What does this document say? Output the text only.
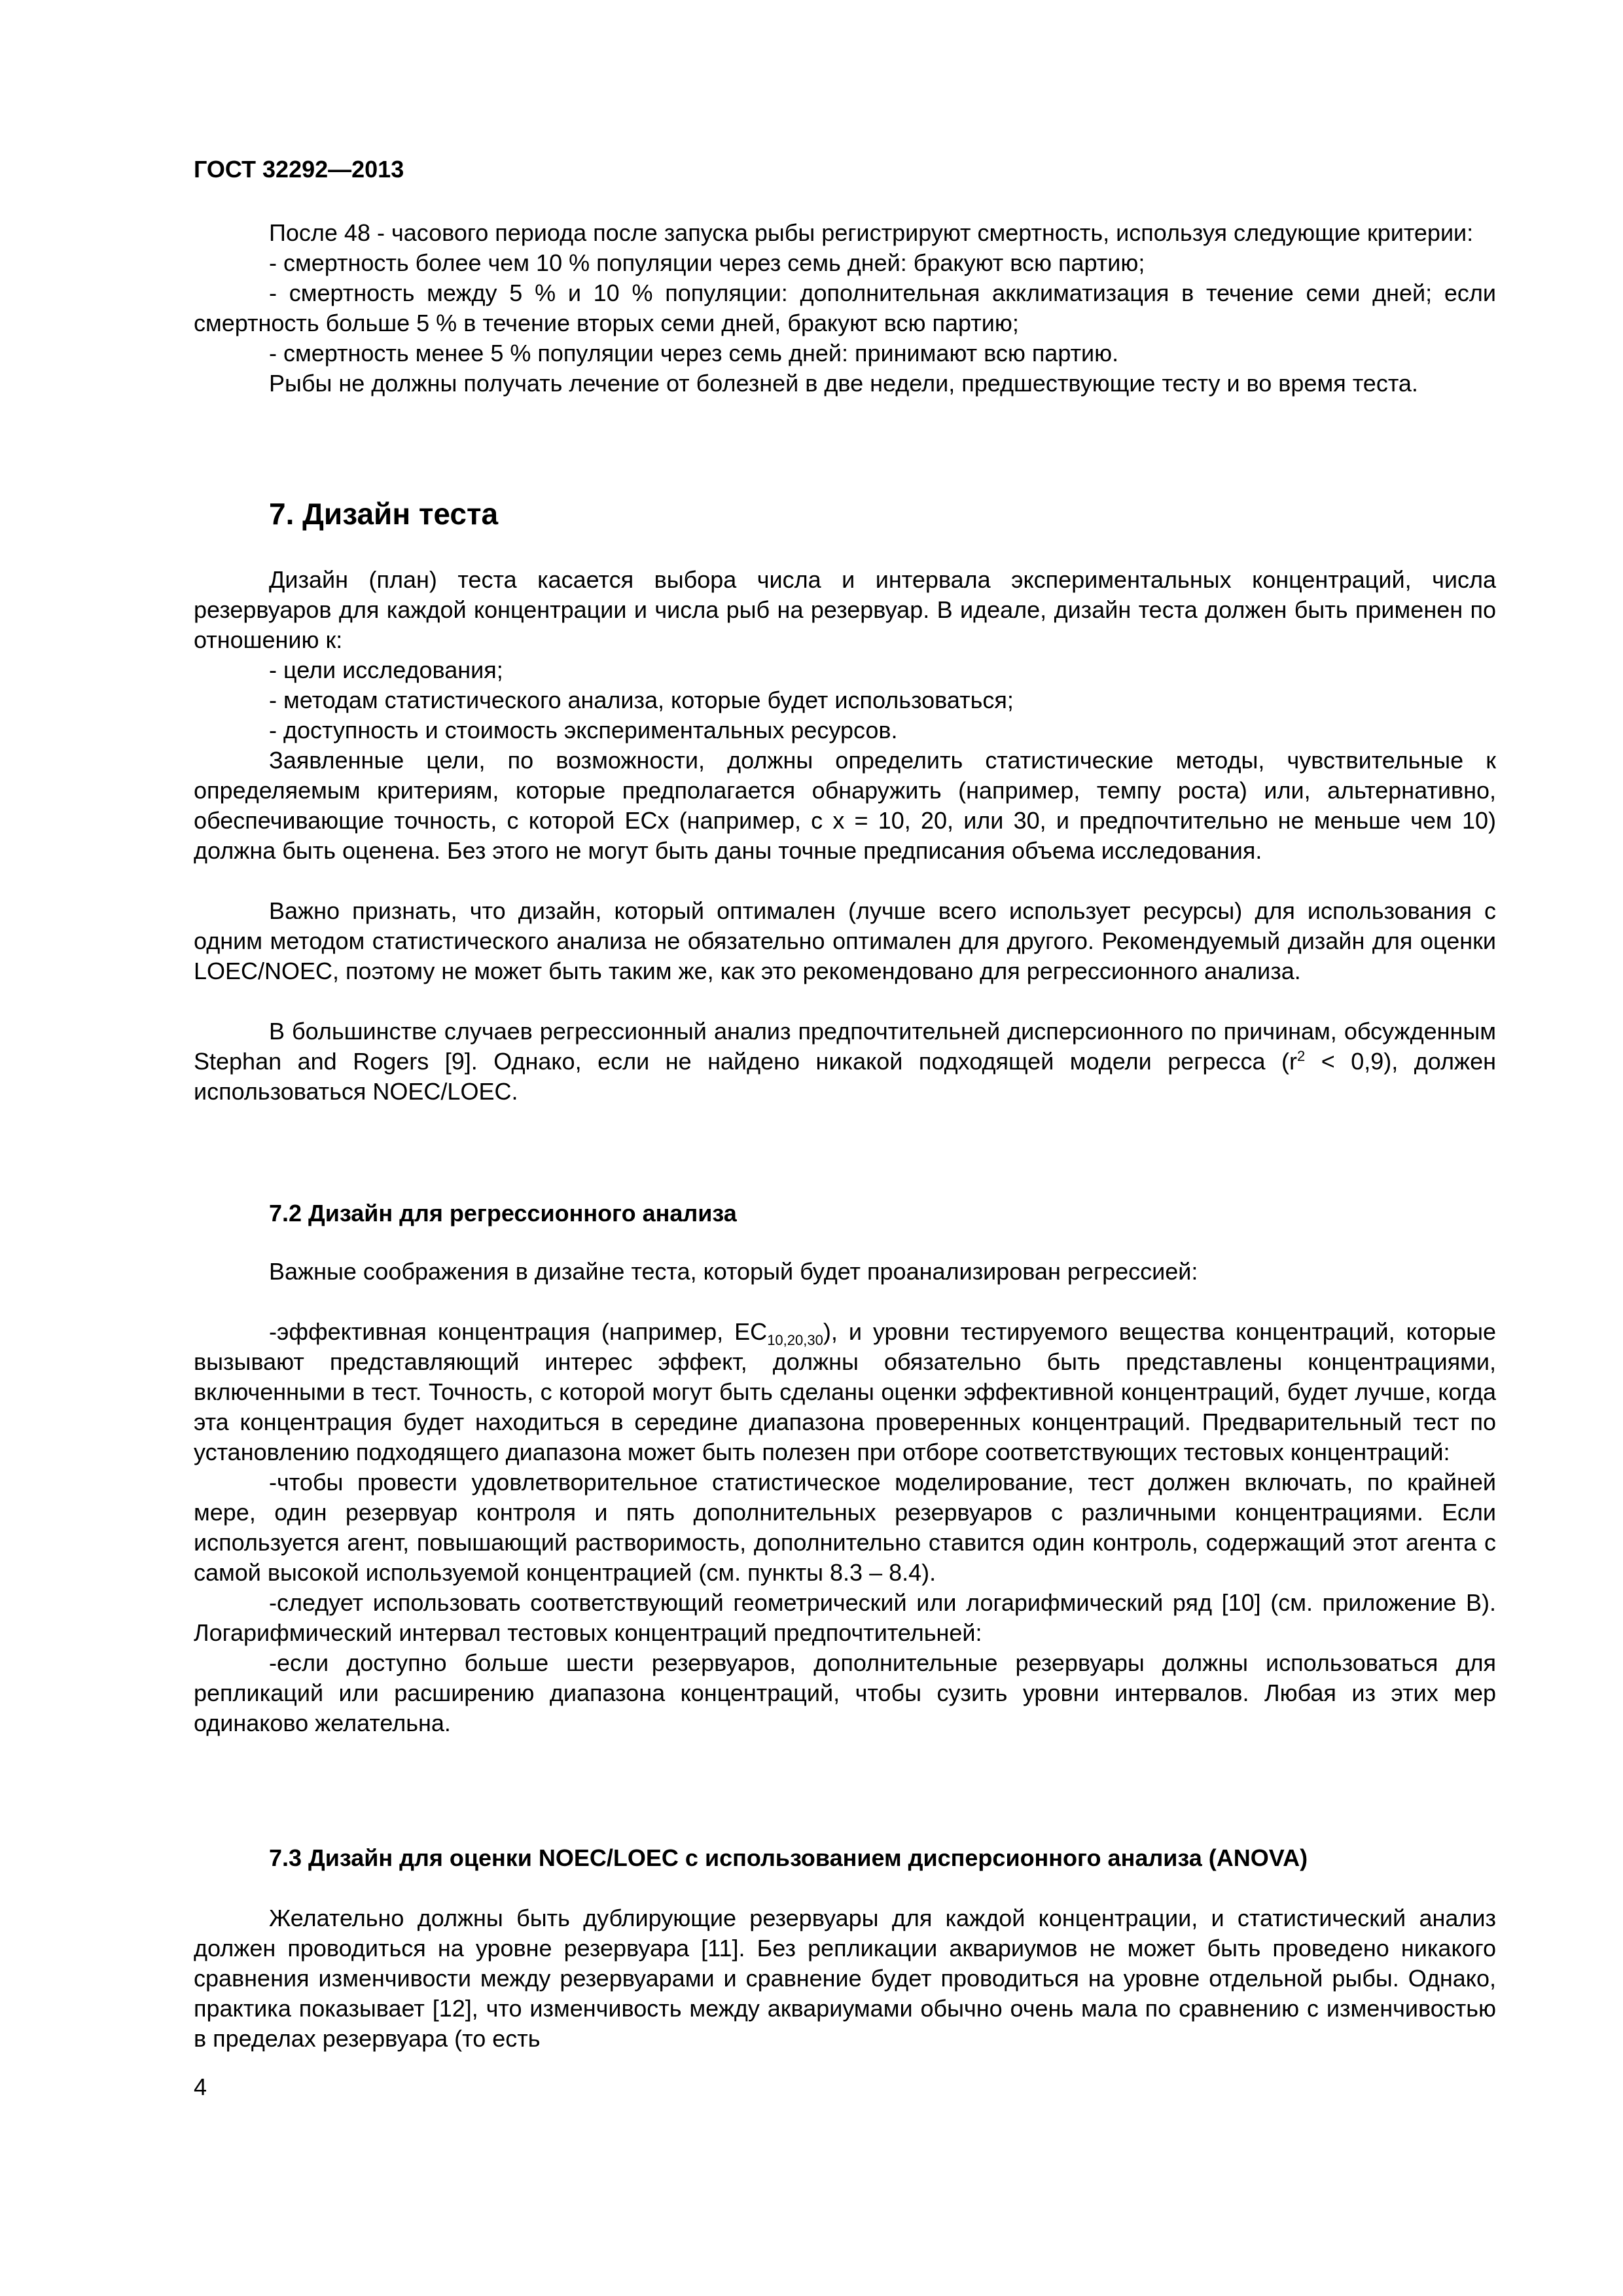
ГОСТ 32292—2013

После 48 - часового периода после запуска рыбы регистрируют смертность, используя следующие критерии:

- смертность более чем 10 % популяции через семь дней: бракуют всю партию;

- смертность между 5 % и 10 % популяции: дополнительная акклиматизация в течение семи дней; если смертность больше 5 % в течение вторых семи дней, бракуют всю партию;

- смертность менее 5 % популяции через семь дней: принимают всю партию.

Рыбы не должны получать лечение от болезней в две недели, предшествующие тесту и во время теста.

7. Дизайн теста

Дизайн (план) теста касается выбора числа и интервала экспериментальных концентраций, числа резервуаров для каждой концентрации и числа рыб на резервуар. В идеале, дизайн теста должен быть применен по отношению к:

- цели исследования;

- методам статистического анализа, которые будет использоваться;

- доступность и стоимость экспериментальных ресурсов.

Заявленные цели, по возможности, должны определить статистические методы, чувствительные к определяемым критериям, которые предполагается обнаружить (например, темпу роста) или, альтернативно, обеспечивающие точность, с которой ECx (например, с x = 10, 20, или 30, и предпочтительно не меньше чем 10) должна быть оценена. Без этого не могут быть даны точные предписания объема исследования.

Важно признать, что дизайн, который оптимален (лучше всего использует ресурсы) для использования с одним методом статистического анализа не обязательно оптимален для другого. Рекомендуемый дизайн для оценки LOEC/NOEC, поэтому не может быть таким же, как это рекомендовано для регрессионного анализа.

В большинстве случаев регрессионный анализ предпочтительней дисперсионного по причинам, обсужденным Stephan and Rogers [9]. Однако, если не найдено никакой подходящей модели регресса $(r^2 < 0,9)$, должен использоваться NOEC/LOEC.

7.2 Дизайн для регрессионного анализа

Важные соображения в дизайне теста, который будет проанализирован регрессией:

-эффективная концентрация (например, $EC_{10,20,30}$), и уровни тестируемого вещества концентраций, которые вызывают представляющий интерес эффект, должны обязательно быть представлены концентрациями, включенными в тест. Точность, с которой могут быть сделаны оценки эффективной концентраций, будет лучше, когда эта концентрация будет находиться в середине диапазона проверенных концентраций. Предварительный тест по установлению подходящего диапазона может быть полезен при отборе соответствующих тестовых концентраций:

-чтобы провести удовлетворительное статистическое моделирование, тест должен включать, по крайней мере, один резервуар контроля и пять дополнительных резервуаров с различными концентрациями. Если используется агент, повышающий растворимость, дополнительно ставится один контроль, содержащий этот агента с самой высокой используемой концентрацией (см. пункты 8.3 – 8.4).

-следует использовать соответствующий геометрический или логарифмический ряд [10] (см. приложение В). Логарифмический интервал тестовых концентраций предпочтительней:

-если доступно больше шести резервуаров, дополнительные резервуары должны использоваться для репликаций или расширению диапазона концентраций, чтобы сузить уровни интервалов. Любая из этих мер одинаково желательна.

7.3 Дизайн для оценки NOEC/LOEC с использованием дисперсионного анализа (ANOVA)

Желательно должны быть дублирующие резервуары для каждой концентрации, и статистический анализ должен проводиться на уровне резервуара [11]. Без репликации аквариумов не может быть проведено никакого сравнения изменчивости между резервуарами и сравнение будет проводиться на уровне отдельной рыбы. Однако, практика показывает [12], что изменчивость между аквариумами обычно очень мала по сравнению с изменчивостью в пределах резервуара (то есть

4
